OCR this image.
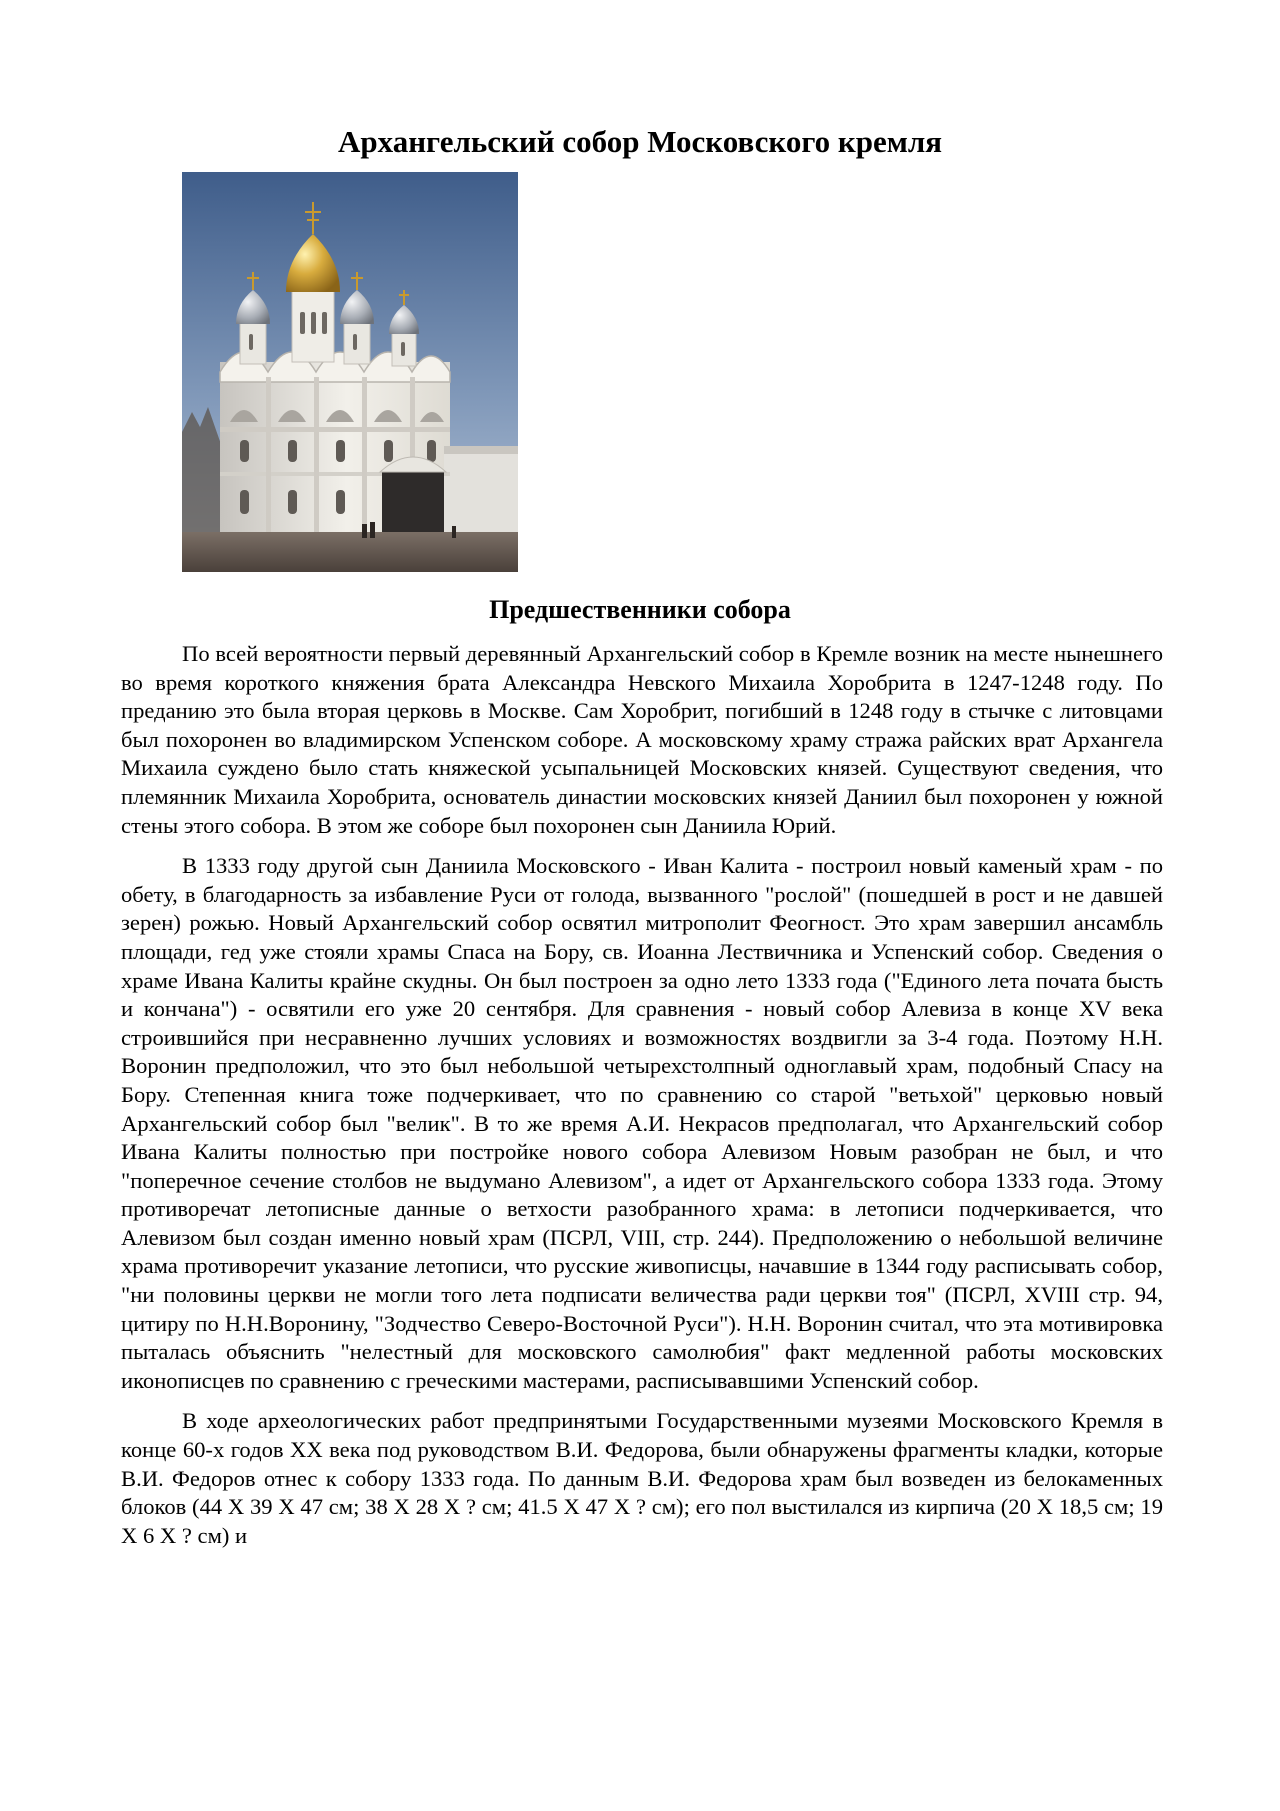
Архангельский собор Московского кремля
Предшественники собора

По всей вероятности первый деревянный Архангельский собор в Кремле возник на месте нынешнего во время короткого княжения брата Александра Невского Михаила Хоробрита в 1247-1248 году. По преданию это была вторая церковь в Москве. Сам Хоробрит, погибший в 1248 году в стычке с литовцами был похоронен во владимирском Успенском соборе. А московскому храму стража райских врат Архангела Михаила суждено было стать княжеской усыпальницей Московских князей. Существуют сведения, что племянник Михаила Хоробрита, основатель династии московских князей Даниил был похоронен у южной стены этого собора. В этом же соборе был похоронен сын Даниила Юрий.

В 1333 году другой сын Даниила Московского - Иван Калита - построил новый каменый храм - по обету, в благодарность за избавление Руси от голода, вызванного "рослой" (пошедшей в рост и не давшей зерен) рожью. Новый Архангельский собор освятил митрополит Феогност. Это храм завершил ансамбль площади, гед уже стояли храмы Спаса на Бору, св. Иоанна Лествичника и Успенский собор. Сведения о храме Ивана Калиты крайне скудны. Он был построен за одно лето 1333 года ("Единого лета почата бысть и кончана") - освятили его уже 20 сентября. Для сравнения - новый собор Алевиза в конце XV века строившийся при несравненно лучших условиях и возможностях воздвигли за 3-4 года. Поэтому Н.Н. Воронин предположил, что это был небольшой четырехстолпный одноглавый храм, подобный Спасу на Бору. Степенная книга тоже подчеркивает, что по сравнению со старой "ветьхой" церковью новый Архангельский собор был "велик". В то же время А.И. Некрасов предполагал, что Архангельский собор Ивана Калиты полностью при постройке нового собора Алевизом Новым разобран не был, и что "поперечное сечение столбов не выдумано Алевизом", а идет от Архангельского собора 1333 года. Этому противоречат летописные данные о ветхости разобранного храма: в летописи подчеркивается, что Алевизом был создан именно новый храм (ПСРЛ, VIII, стр. 244). Предположению о небольшой величине храма противоречит указание летописи, что русские живописцы, начавшие в 1344 году расписывать собор, "ни половины церкви не могли того лета подписати величества ради церкви тоя" (ПСРЛ, XVIII стр. 94, цитиру по Н.Н.Воронину, "Зодчество Северо-Восточной Руси"). Н.Н. Воронин считал, что эта мотивировка пыталась объяснить "нелестный для московского самолюбия" факт медленной работы московских иконописцев по сравнению с греческими мастерами, расписывавшими Успенский собор.

В ходе археологических работ предпринятыми Государственными музеями Московского Кремля в конце 60-х годов XX века под руководством В.И. Федорова, были обнаружены фрагменты кладки, которые В.И. Федоров отнес к собору 1333 года. По данным В.И. Федорова храм был возведен из белокаменных блоков (44 X 39 X 47 см; 38 X 28 X ? см; 41.5 X 47 X ? см); его пол выстилался из кирпича (20 X 18,5 см; 19 X 6 X ? см) и
